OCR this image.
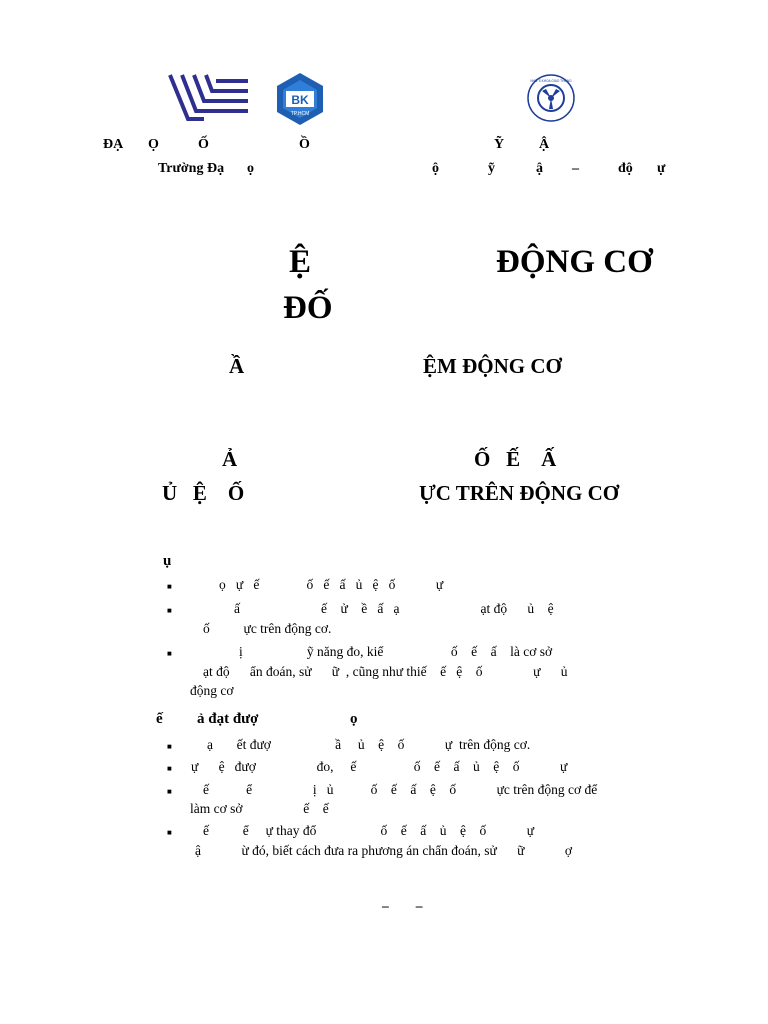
BK
TP.HCM
NHỮ S KHOA GIAO THÔNG
ĐẠ Ọ	Ố	Ồ	Ỹ Ậ
Trường Đạ ọ	ộ	ỹ	ậ –	độ ự
Ệ	ĐỘNG CƠ
ĐỐ
Ầ	ỆM ĐỘNG CƠ
Ả	Ố   Ế    Ấ
Ủ   Ệ    Ố	ỰC TRÊN ĐỘNG CƠ
ụ
■	ọ   ự   ế              ố   ế   ấ   ủ   ệ   ố            ự
■	ấ                        ế    ử    ề   ấ   ạ                        ạt độ      ủ    ệ
ố          ực trên động cơ.
■	ị                   ỹ năng đo, kiể                    ố    ế    ấ    là cơ sở
ạt độ      ẩn đoán, sử      ữ  , cũng như thiế    ế   ệ    ố               ự      ủ
động cơ
ế ả đạt đượ	ọ
■	ạ       ết đượ                   ầ     ủ    ệ    ố            ự  trên động cơ.
■ ự      ệ   đượ                  đo,     ế                 ố    ế    ấ    ủ    ệ    ố            ự
■ ế           ể                  ị   ủ           ố    ế    ấ    ệ    ố            ực trên động cơ để
làm cơ sở                  ế    ế
■ ế          ể     ự thay đổ                   ố    ế    ấ    ủ    ệ    ố            ự
ậ            ừ đó, biết cách đưa ra phương án chẩn đoán, sử      ữ            ợ
–        –
